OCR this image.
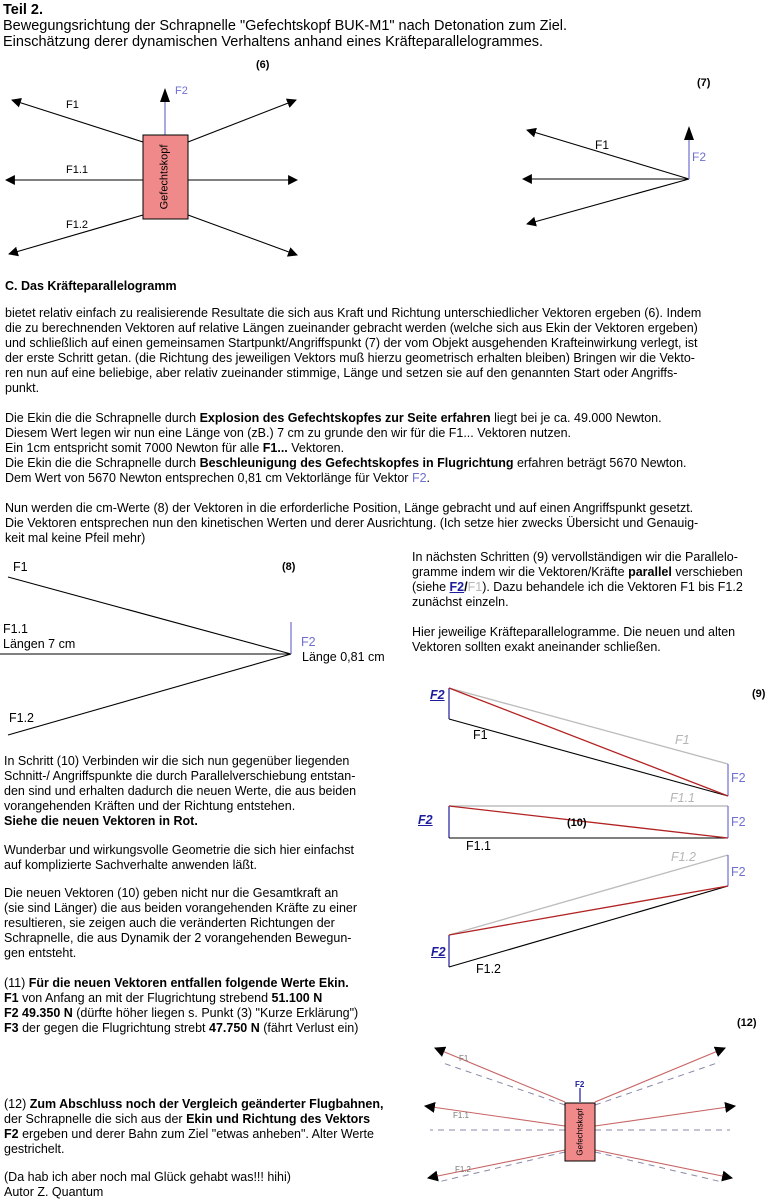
Teil 2.
Bewegungsrichtung der Schrapnelle "Gefechtskopf BUK-M1" nach Detonation zum Ziel.
Einschätzung derer dynamischen Verhaltens anhand eines Kräfteparallelogrammes.
(6)
F1
F1.1
F1.2
F2
Gefechtskopf
(7)
F1
F2
C. Das Kräfteparallelogramm
bietet relativ einfach zu realisierende Resultate die sich aus Kraft und Richtung unterschiedlicher Vektoren ergeben (6). Indem
die zu berechnenden Vektoren auf relative Längen zueinander gebracht werden (welche sich aus Ekin der Vektoren ergeben)
und schließlich auf einen gemeinsamen Startpunkt/Angriffspunkt (7) der vom Objekt ausgehenden Krafteinwirkung verlegt, ist
der erste Schritt getan. (die Richtung des jeweiligen Vektors muß hierzu geometrisch erhalten bleiben) Bringen wir die Vekto-
ren nun auf eine beliebige, aber relativ zueinander stimmige, Länge und setzen sie auf den genannten Start oder Angriffs-
punkt.
Die Ekin die die Schrapnelle durch Explosion des Gefechtskopfes zur Seite erfahren liegt bei je ca. 49.000 Newton.
Diesem Wert legen wir nun eine Länge von (zB.) 7 cm zu grunde den wir für die F1... Vektoren nutzen.
Ein 1cm entspricht somit 7000 Newton für alle F1... Vektoren.
Die Ekin die die Schrapnelle durch Beschleunigung des Gefechtskopfes in Flugrichtung erfahren beträgt 5670 Newton.
Dem Wert von 5670 Newton entsprechen 0,81 cm Vektorlänge für Vektor F2.
Nun werden die cm-Werte (8) der Vektoren in die erforderliche Position, Länge gebracht und auf einen Angriffspunkt gesetzt.
Die Vektoren entsprechen nun den kinetischen Werten und derer Ausrichtung. (Ich setze hier zwecks Übersicht und Genauig-
keit mal keine Pfeil mehr)
(8)
F1
F1.1
Längen 7 cm
F1.2
F2
Länge 0,81 cm
In nächsten Schritten (9) vervollständigen wir die Parallelo-
gramme indem wir die Vektoren/Kräfte parallel verschieben
(siehe F2/F1). Dazu behandele ich die Vektoren F1 bis F1.2
zunächst einzeln.
Hier jeweilige Kräfteparallelogramme. Die neuen und alten
Vektoren sollten exakt aneinander schließen.
(9)
F2
F1	F1
F2
F1.1
F2	(10)	F2
F1.1
F1.2
F2
F2
F1.2
In Schritt (10) Verbinden wir die sich nun gegenüber liegenden
Schnitt-/ Angriffspunkte die durch Parallelverschiebung entstan-
den sind und erhalten dadurch die neuen Werte, die aus beiden
vorangehenden Kräften und der Richtung entstehen.
Siehe die neuen Vektoren in Rot.
Wunderbar und wirkungsvolle Geometrie die sich hier einfachst
auf komplizierte Sachverhalte anwenden läßt.
Die neuen Vektoren (10) geben nicht nur die Gesamtkraft an
(sie sind Länger) die aus beiden vorangehenden Kräfte zu einer
resultieren, sie zeigen auch die veränderten Richtungen der
Schrapnelle, die aus Dynamik der 2 vorangehenden Bewegun-
gen entsteht.
(11) Für die neuen Vektoren entfallen folgende Werte Ekin.
F1 von Anfang an mit der Flugrichtung strebend 51.100 N
F2 49.350 N (dürfte höher liegen s. Punkt (3) "Kurze Erklärung")
F3 der gegen die Flugrichtung strebt 47.750 N (fährt Verlust ein)	(12)
F1
F1.1
F1.2
F2
Gefechtskopf
(12) Zum Abschluss noch der Vergleich geänderter Flugbahnen,
der Schrapnelle die sich aus der Ekin und Richtung des Vektors
F2 ergeben und derer Bahn zum Ziel "etwas anheben". Alter Werte
gestrichelt.
(Da hab ich aber noch mal Glück gehabt was!!! hihi)
Autor Z. Quantum
